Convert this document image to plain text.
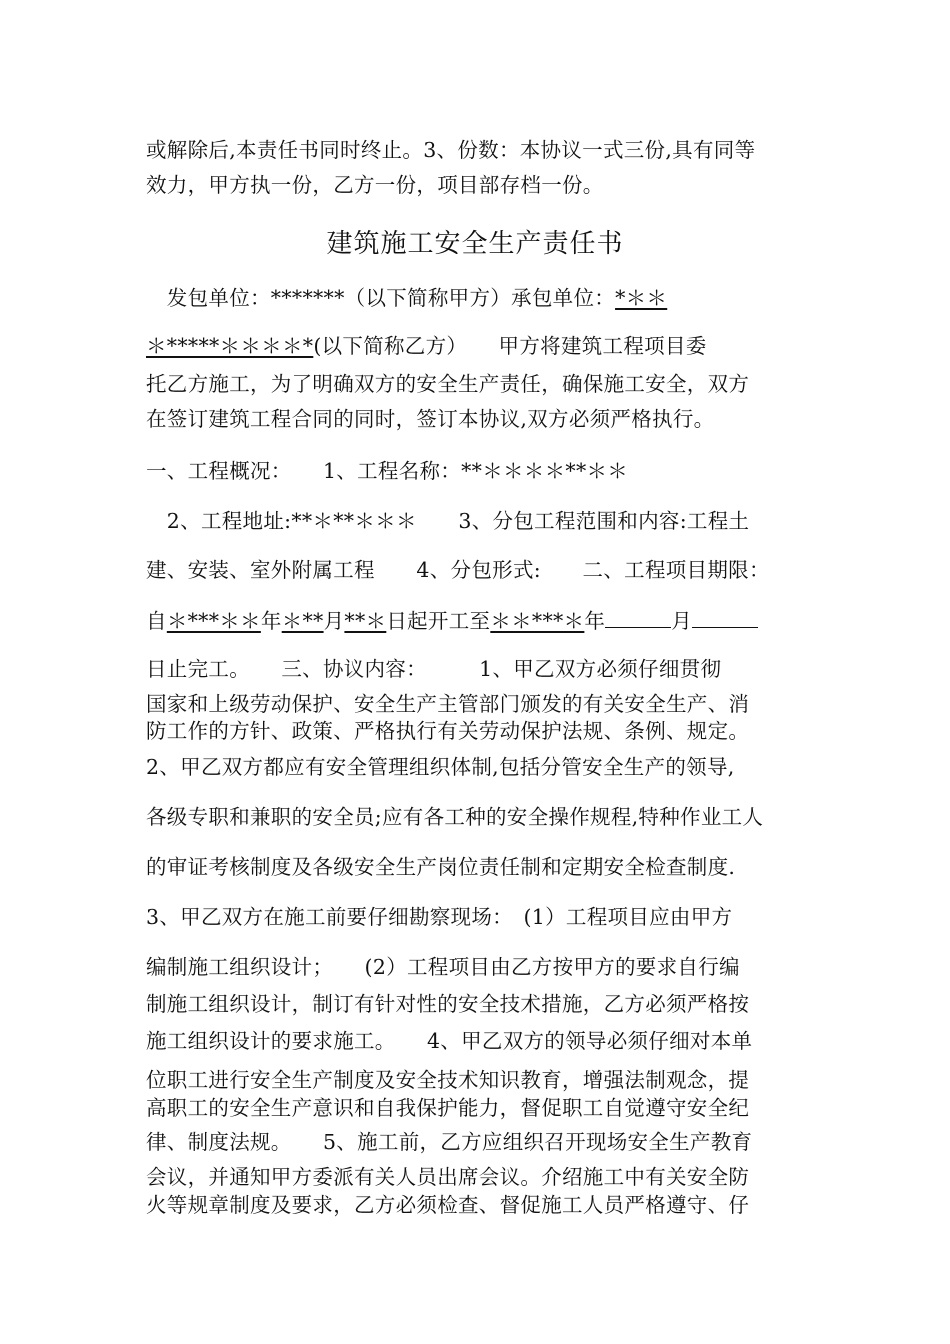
或解除后,本责任书同时终止。3、份数：本协议一式三份,具有同等
效力，甲方执一份，乙方一份，项目部存档一份。
建筑施工安全生产责任书
　发包单位：*******（以下简称甲方）承包单位：*＊＊
＊*****＊＊＊＊*(以下简称乙方）　　甲方将建筑工程项目委
托乙方施工，为了明确双方的安全生产责任，确保施工安全，双方
在签订建筑工程合同的同时，签订本协议,双方必须严格执行。
一、工程概况：　　1、工程名称：**＊＊＊＊**＊＊
　2、工程地址:**＊**＊＊＊　　3、分包工程范围和内容:工程土
建、安装、室外附属工程　　4、分包形式:　　二、工程项目期限：
自＊***＊＊年＊**月**＊日起开工至＊＊***＊年	月
日止完工。　　三、协议内容：　　　1、甲乙双方必须仔细贯彻
国家和上级劳动保护、安全生产主管部门颁发的有关安全生产、消
防工作的方针、政策、严格执行有关劳动保护法规、条例、规定。
2、甲乙双方都应有安全管理组织体制,包括分管安全生产的领导,
各级专职和兼职的安全员;应有各工种的安全操作规程,特种作业工人
的审证考核制度及各级安全生产岗位责任制和定期安全检查制度.
3、甲乙双方在施工前要仔细勘察现场：　(1）工程项目应由甲方
编制施工组织设计；　　(2）工程项目由乙方按甲方的要求自行编
制施工组织设计，制订有针对性的安全技术措施，乙方必须严格按
施工组织设计的要求施工。　　4、甲乙双方的领导必须仔细对本单
位职工进行安全生产制度及安全技术知识教育，增强法制观念，提
高职工的安全生产意识和自我保护能力，督促职工自觉遵守安全纪
律、制度法规。　　5、施工前，乙方应组织召开现场安全生产教育
会议，并通知甲方委派有关人员出席会议。介绍施工中有关安全防
火等规章制度及要求，乙方必须检查、督促施工人员严格遵守、仔
